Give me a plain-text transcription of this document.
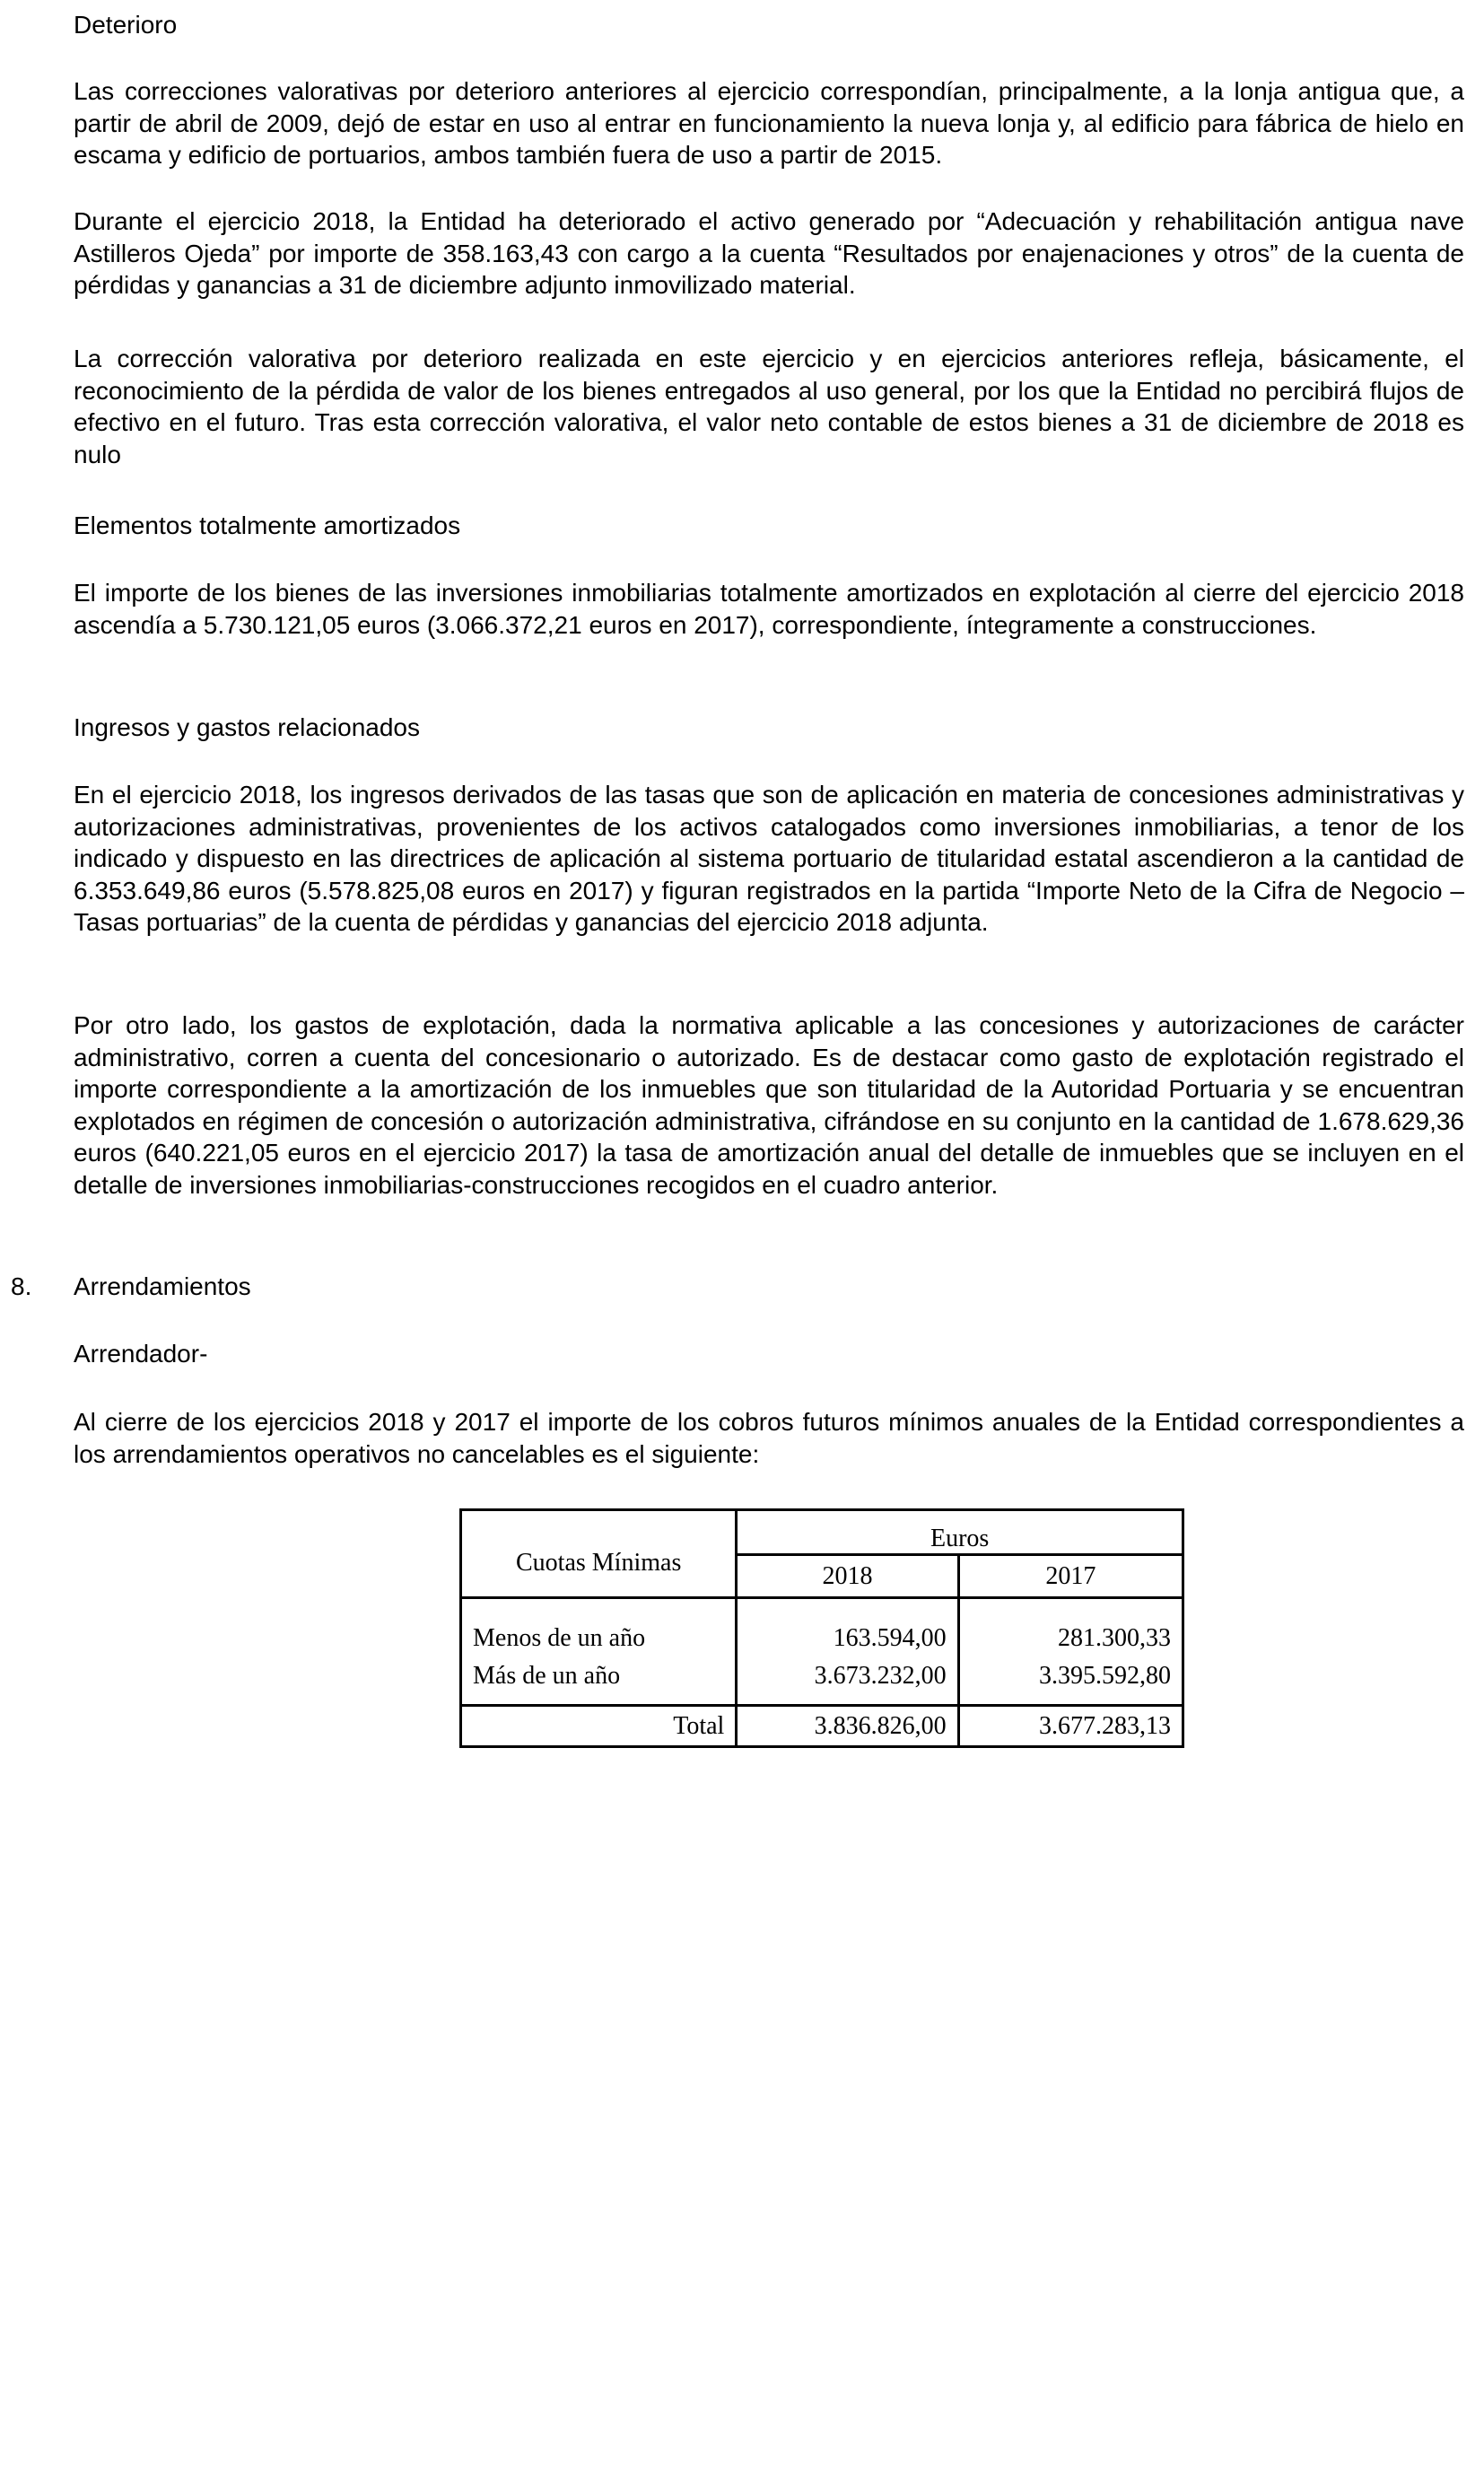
Deterioro
Las correcciones valorativas por deterioro anteriores al ejercicio correspondían, principalmente, a la lonja antigua que, a partir de abril de 2009, dejó de estar en uso al entrar en funcionamiento la nueva lonja y, al edificio para fábrica de hielo en escama y edificio de portuarios, ambos también fuera de uso a partir de 2015.
Durante el ejercicio 2018, la Entidad ha deteriorado el activo generado por “Adecuación y rehabilitación antigua nave Astilleros Ojeda” por importe de 358.163,43 con cargo a la cuenta “Resultados por enajenaciones y otros” de la cuenta de pérdidas y ganancias a 31 de diciembre adjunto inmovilizado material.
La corrección valorativa por deterioro realizada en este ejercicio y en ejercicios anteriores refleja, básicamente, el reconocimiento de la pérdida de valor de los bienes entregados al uso general, por los que la Entidad no percibirá flujos de efectivo en el futuro. Tras esta corrección valorativa, el valor neto contable de estos bienes a 31 de diciembre de 2018 es nulo
Elementos totalmente amortizados
El importe de los bienes de las inversiones inmobiliarias totalmente amortizados en explotación al cierre del ejercicio 2018 ascendía a 5.730.121,05 euros (3.066.372,21 euros en 2017), correspondiente, íntegramente a construcciones.
Ingresos y gastos relacionados
En el ejercicio 2018, los ingresos derivados de las tasas que son de aplicación en materia de concesiones administrativas y autorizaciones administrativas, provenientes de los activos catalogados como inversiones inmobiliarias, a tenor de los indicado y dispuesto en las directrices de aplicación al sistema portuario de titularidad estatal ascendieron a la cantidad de 6.353.649,86 euros (5.578.825,08 euros en 2017) y figuran registrados en la partida “Importe Neto de la Cifra de Negocio – Tasas portuarias” de la cuenta de pérdidas y ganancias del ejercicio 2018 adjunta.
Por otro lado, los gastos de explotación, dada la normativa aplicable a las concesiones y autorizaciones de carácter administrativo, corren a cuenta del concesionario o autorizado. Es de destacar como gasto de explotación registrado el importe correspondiente a la amortización de los inmuebles que son titularidad de la Autoridad Portuaria y se encuentran explotados en régimen de concesión o autorización administrativa, cifrándose en su conjunto en la cantidad de 1.678.629,36 euros (640.221,05 euros en el ejercicio 2017) la tasa de amortización anual del detalle de inmuebles que se incluyen en el detalle de inversiones inmobiliarias-construcciones recogidos en el cuadro anterior.
8. Arrendamientos
Arrendador-
Al cierre de los ejercicios 2018 y 2017 el importe de los cobros futuros mínimos anuales de la Entidad correspondientes a los arrendamientos operativos no cancelables es el siguiente:
Cuotas Mínimas	Euros	
	2018	2017

Menos de un año	163.594,00	281.300,33
Más de un año	3.673.232,00	3.395.592,80

Total	3.836.826,00	3.677.283,13
